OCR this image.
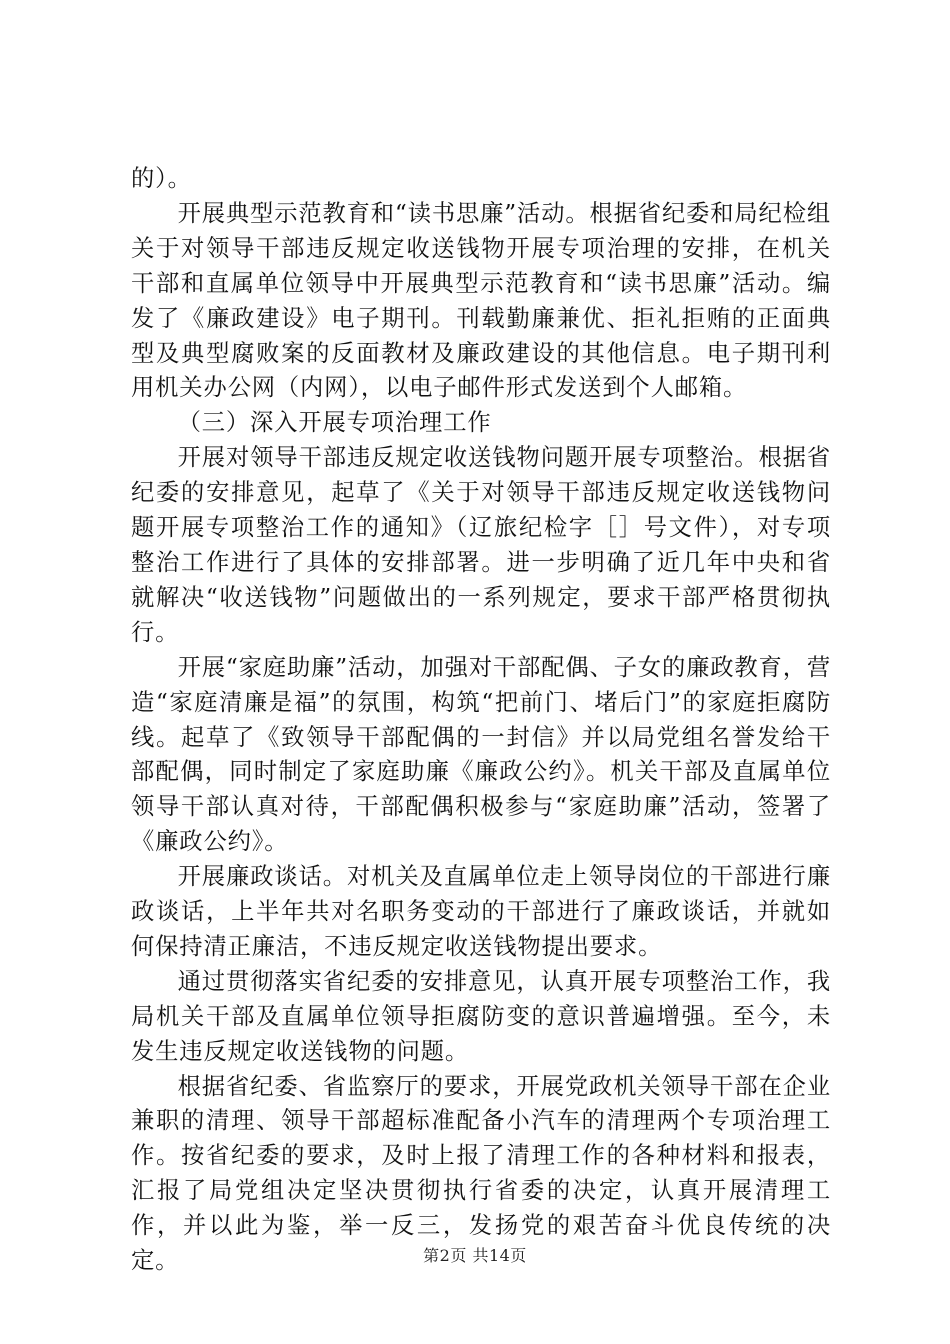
的）。

开展典型示范教育和“读书思廉”活动。根据省纪委和局纪检组关于对领导干部违反规定收送钱物开展专项治理的安排，在机关干部和直属单位领导中开展典型示范教育和“读书思廉”活动。编发了《廉政建设》电子期刊。刊载勤廉兼优、拒礼拒贿的正面典型及典型腐败案的反面教材及廉政建设的其他信息。电子期刊利用机关办公网（内网），以电子邮件形式发送到个人邮箱。

（三）深入开展专项治理工作

开展对领导干部违反规定收送钱物问题开展专项整治。根据省纪委的安排意见，起草了《关于对领导干部违反规定收送钱物问题开展专项整治工作的通知》（辽旅纪检字［］号文件），对专项整治工作进行了具体的安排部署。进一步明确了近几年中央和省就解决“收送钱物”问题做出的一系列规定，要求干部严格贯彻执行。

开展“家庭助廉”活动，加强对干部配偶、子女的廉政教育，营造“家庭清廉是福”的氛围，构筑“把前门、堵后门”的家庭拒腐防线。起草了《致领导干部配偶的一封信》并以局党组名誉发给干部配偶，同时制定了家庭助廉《廉政公约》。机关干部及直属单位领导干部认真对待，干部配偶积极参与“家庭助廉”活动，签署了《廉政公约》。

开展廉政谈话。对机关及直属单位走上领导岗位的干部进行廉政谈话，上半年共对名职务变动的干部进行了廉政谈话，并就如何保持清正廉洁，不违反规定收送钱物提出要求。

通过贯彻落实省纪委的安排意见，认真开展专项整治工作，我局机关干部及直属单位领导拒腐防变的意识普遍增强。至今，未发生违反规定收送钱物的问题。

根据省纪委、省监察厅的要求，开展党政机关领导干部在企业兼职的清理、领导干部超标准配备小汽车的清理两个专项治理工作。按省纪委的要求，及时上报了清理工作的各种材料和报表，汇报了局党组决定坚决贯彻执行省委的决定，认真开展清理工作，并以此为鉴，举一反三，发扬党的艰苦奋斗优良传统的决定。	第2页 共14页
